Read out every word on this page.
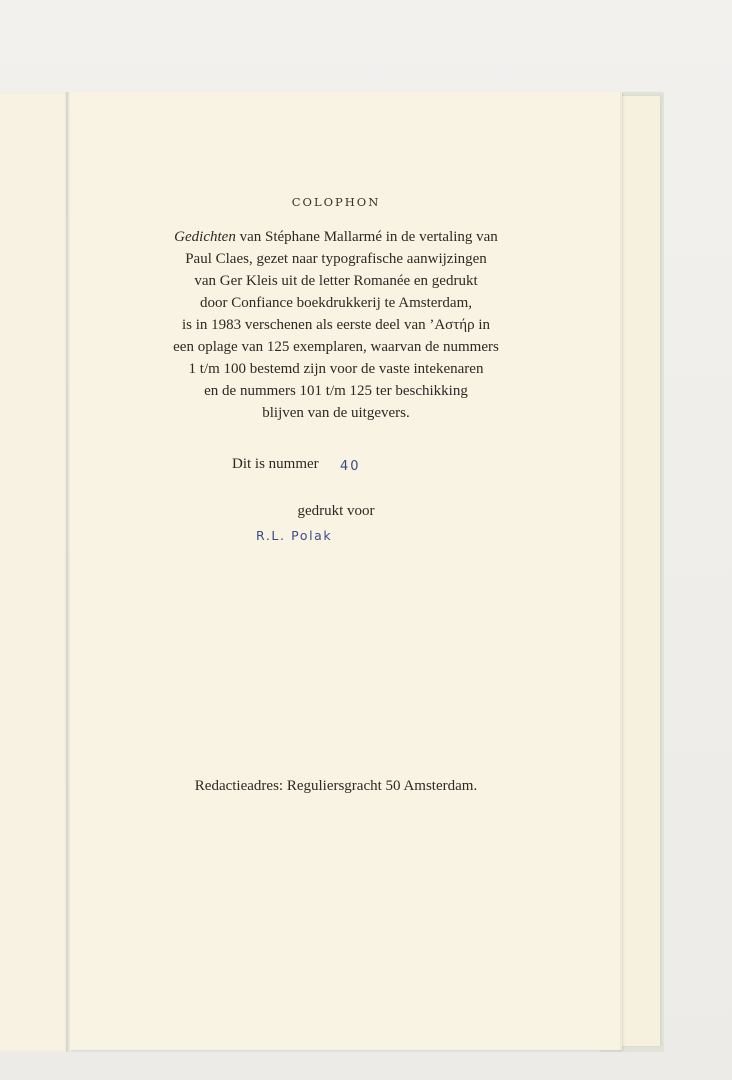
COLOPHON
Gedichten van Stéphane Mallarmé in de vertaling van
Paul Claes, gezet naar typografische aanwijzingen
van Ger Kleis uit de letter Romanée en gedrukt
door Confiance boekdrukkerij te Amsterdam,
is in 1983 verschenen als eerste deel van ’Αστήρ in
een oplage van 125 exemplaren, waarvan de nummers
1 t/m 100 bestemd zijn voor de vaste intekenaren
en de nummers 101 t/m 125 ter beschikking
blijven van de uitgevers.
Dit is nummer 40
gedrukt voor
R.L. Polak
Redactieadres: Reguliersgracht 50 Amsterdam.
